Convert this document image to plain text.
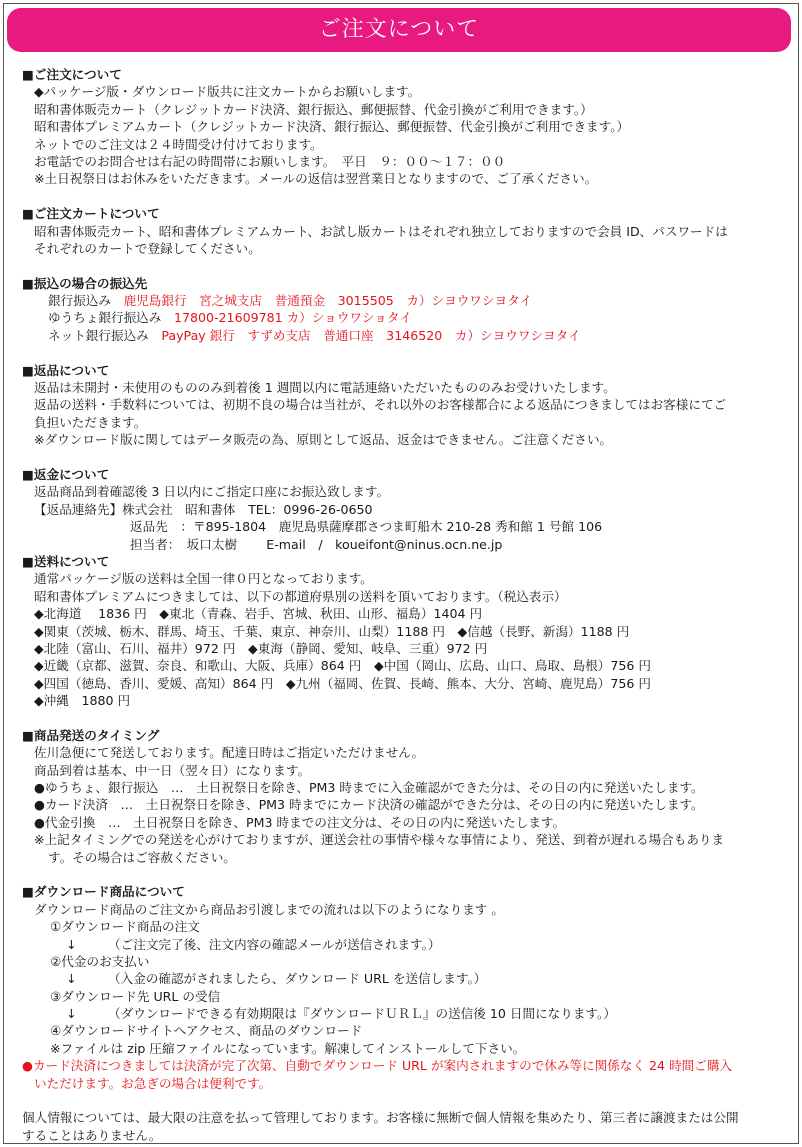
ご注文について
■ご注文について
◆パッケージ版・ダウンロード版共に注文カートからお願いします。
昭和書体販売カート（クレジットカード決済、銀行振込、郵便振替、代金引換がご利用できます。）
昭和書体プレミアムカート（クレジットカード決済、銀行振込、郵便振替、代金引換がご利用できます。）
ネットでのご注文は２４時間受け付けております。
お電話でのお問合せは右記の時間帯にお願いします。　平日　９：００～１７：００
※土日祝祭日はお休みをいただきます。メールの返信は翌営業日となりますので、ご了承ください。
■ご注文カートについて
昭和書体販売カート、昭和書体プレミアムカート、お試し版カートはそれぞれ独立しておりますので会員 ID、パスワードは
それぞれのカートで登録してください。
■振込の場合の振込先
銀行振込み　 鹿児島銀行　宮之城支店　普通預金　3015505　カ）シヨウワシヨタイ
ゆうちょ銀行振込み　 17800-21609781 カ）ショウワショタイ
ネット銀行振込み　 PayPay 銀行　すずめ支店　普通口座　3146520　カ）シヨウワシヨタイ
■返品について
返品は未開封・未使用のもののみ到着後 1 週間以内に電話連絡いただいたもののみお受けいたします。
返品の送料・手数料については、初期不良の場合は当社が、それ以外のお客様都合による返品につきましてはお客様にてご
負担いただきます。
※ダウンロード版に関してはデータ販売の為、原則として返品、返金はできません。ご注意ください。
■返金について
返品商品到着確認後 3 日以内にご指定口座にお振込致します。
【返品連絡先】株式会社　昭和書体　TEL：0996-26-0650
返品先　：〒895-1804　鹿児島県薩摩郡さつま町船木 210-28 秀和館 1 号館 106
担当者：　坂口太樹　　 E-mail　/　koueifont@ninus.ocn.ne.jp
■送料について
通常パッケージ版の送料は全国一律０円となっております。
昭和書体プレミアムにつきましては、以下の都道府県別の送料を頂いております。（税込表示）
◆北海道　 1836 円　◆東北（青森、岩手、宮城、秋田、山形、福島）1404 円
◆関東（茨城、栃木、群馬、埼玉、千葉、東京、神奈川、山梨）1188 円　◆信越（長野、新潟）1188 円
◆北陸（富山、石川、福井）972 円　◆東海（静岡、愛知、岐阜、三重）972 円
◆近畿（京都、滋賀、奈良、和歌山、大阪、兵庫）864 円　◆中国（岡山、広島、山口、鳥取、島根）756 円
◆四国（徳島、香川、愛媛、高知）864 円　◆九州（福岡、佐賀、長崎、熊本、大分、宮崎、鹿児島）756 円
◆沖縄　1880 円
■商品発送のタイミング
佐川急便にて発送しております。配達日時はご指定いただけません。
商品到着は基本、中一日（翌々日）になります。
●ゆうちょ、銀行振込　…　土日祝祭日を除き、PM3 時までに入金確認ができた分は、その日の内に発送いたします。
●カード決済　…　土日祝祭日を除き、PM3 時までにカード決済の確認ができた分は、その日の内に発送いたします。
●代金引換　…　土日祝祭日を除き、PM3 時までの注文分は、その日の内に発送いたします。
※上記タイミングでの発送を心がけておりますが、運送会社の事情や様々な事情により、発送、到着が遅れる場合もありま
す。その場合はご容赦ください。
■ダウンロード商品について
ダウンロード商品のご注文から商品お引渡しまでの流れは以下のようになります 。
①ダウンロード商品の注文
↓　　　（ご注文完了後、注文内容の確認メールが送信されます。）
②代金のお支払い
↓　　　（入金の確認がされましたら、ダウンロード URL を送信します。）
③ダウンロード先 URL の受信
↓　　　（ダウンロードできる有効期限は『ダウンロードＵＲＬ』の送信後 10 日間になります。）
④ダウンロードサイトへアクセス、商品のダウンロード
※ファイルは zip 圧縮ファイルになっています。解凍してインストールして下さい。
●カード決済につきましては決済が完了次第、自動でダウンロード URL が案内されますので休み等に関係なく 24 時間ご購入
いただけます。お急ぎの場合は便利です。
個人情報については、最大限の注意を払って管理しております。お客様に無断で個人情報を集めたり、第三者に譲渡または公開
することはありません。
